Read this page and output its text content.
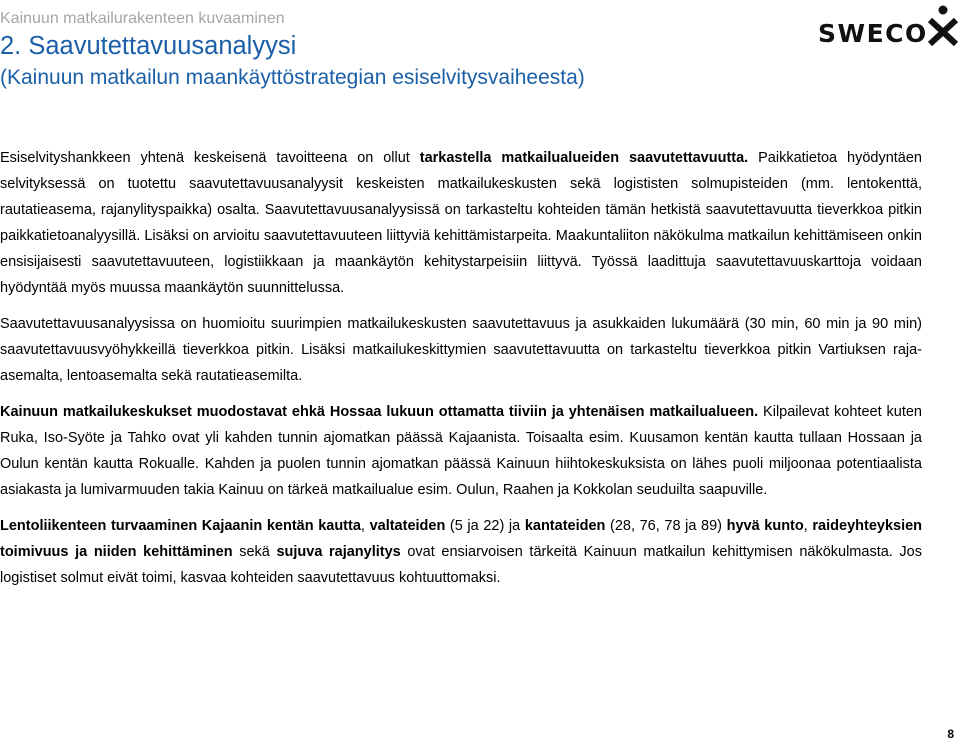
Kainuun matkailurakenteen kuvaaminen
2. Saavutettavuusanalyysi
(Kainuun matkailun maankäyttöstrategian esiselvitysvaiheesta)
SWECO

Esiselvityshankkeen yhtenä keskeisenä tavoitteena on ollut tarkastella matkailualueiden saavutettavuutta. Paikkatietoa hyödyntäen selvityksessä on tuotettu saavutettavuusanalyysit keskeisten matkailukeskusten sekä logististen solmupisteiden (mm. lentokenttä, rautatieasema, rajanylityspaikka) osalta. Saavutettavuusanalyysissä on tarkasteltu kohteiden tämän hetkistä saavutettavuutta tieverkkoa pitkin paikkatietoanalyysillä. Lisäksi on arvioitu saavutettavuuteen liittyviä kehittämistarpeita. Maakuntaliiton näkökulma matkailun kehittämiseen onkin ensisijaisesti saavutettavuuteen, logistiikkaan ja maankäytön kehitystarpeisiin liittyvä. Työssä laadittuja saavutettavuuskarttoja voidaan hyödyntää myös muussa maankäytön suunnittelussa.

Saavutettavuusanalyysissa on huomioitu suurimpien matkailukeskusten saavutettavuus ja asukkaiden lukumäärä (30 min, 60 min ja 90 min) saavutettavuusvyöhykkeillä tieverkkoa pitkin. Lisäksi matkailukeskittymien saavutettavuutta on tarkasteltu tieverkkoa pitkin Vartiuksen raja-asemalta, lentoasemalta sekä rautatieasemilta.

Kainuun matkailukeskukset muodostavat ehkä Hossaa lukuun ottamatta tiiviin ja yhtenäisen matkailualueen. Kilpailevat kohteet kuten Ruka, Iso-Syöte ja Tahko ovat yli kahden tunnin ajomatkan päässä Kajaanista. Toisaalta esim. Kuusamon kentän kautta tullaan Hossaan ja Oulun kentän kautta Rokualle. Kahden ja puolen tunnin ajomatkan päässä Kainuun hiihtokeskuksista on lähes puoli miljoonaa potentiaalista asiakasta ja lumivarmuuden takia Kainuu on tärkeä matkailualue esim. Oulun, Raahen ja Kokkolan seuduilta saapuville.

Lentoliikenteen turvaaminen Kajaanin kentän kautta, valtateiden (5 ja 22) ja kantateiden (28, 76, 78 ja 89) hyvä kunto, raideyhteyksien toimivuus ja niiden kehittäminen sekä sujuva rajanylitys ovat ensiarvoisen tärkeitä Kainuun matkailun kehittymisen näkökulmasta. Jos logistiset solmut eivät toimi, kasvaa kohteiden saavutettavuus kohtuuttomaksi.

8
